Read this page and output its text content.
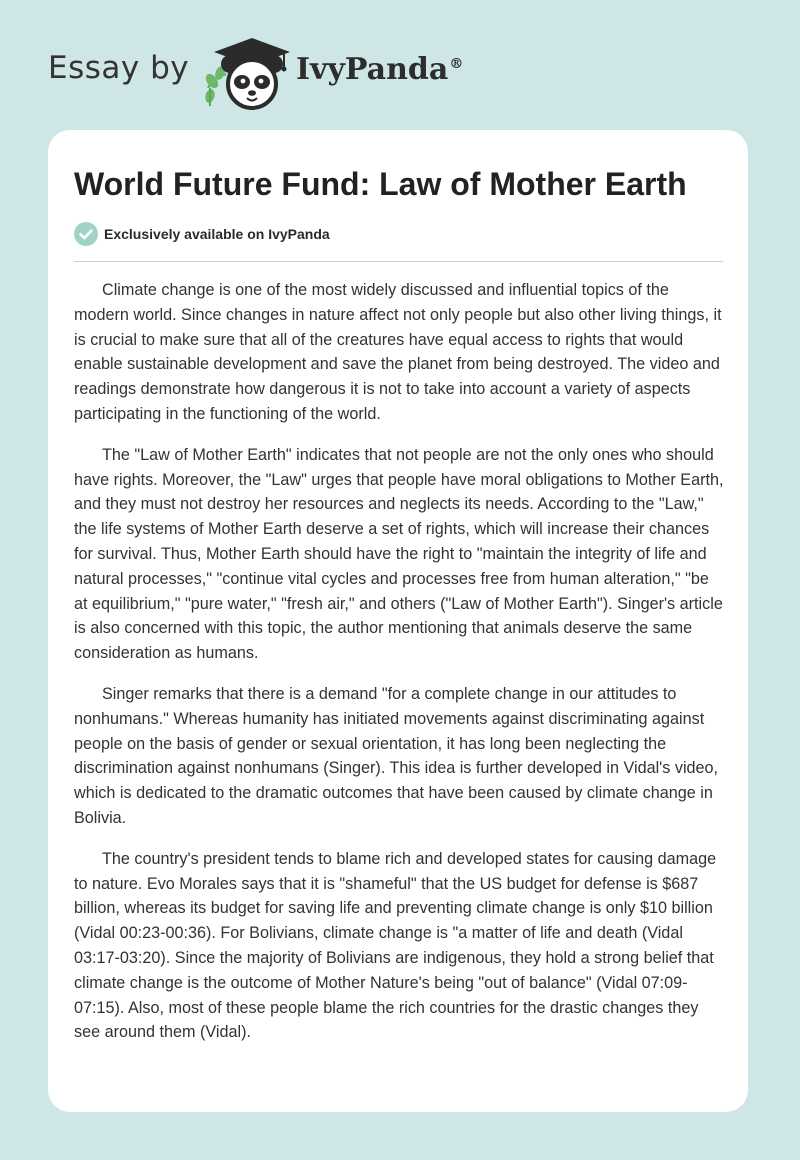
Essay by	IvyPanda®
World Future Fund: Law of Mother Earth
Exclusively available on IvyPanda

Climate change is one of the most widely discussed and influential topics of the modern world. Since changes in nature affect not only people but also other living things, it is crucial to make sure that all of the creatures have equal access to rights that would enable sustainable development and save the planet from being destroyed. The video and readings demonstrate how dangerous it is not to take into account a variety of aspects participating in the functioning of the world.

The "Law of Mother Earth" indicates that not people are not the only ones who should have rights. Moreover, the "Law" urges that people have moral obligations to Mother Earth, and they must not destroy her resources and neglects its needs. According to the "Law," the life systems of Mother Earth deserve a set of rights, which will increase their chances for survival. Thus, Mother Earth should have the right to "maintain the integrity of life and natural processes," "continue vital cycles and processes free from human alteration," "be at equilibrium," "pure water," "fresh air," and others ("Law of Mother Earth"). Singer's article is also concerned with this topic, the author mentioning that animals deserve the same consideration as humans.

Singer remarks that there is a demand "for a complete change in our attitudes to nonhumans." Whereas humanity has initiated movements against discriminating against people on the basis of gender or sexual orientation, it has long been neglecting the discrimination against nonhumans (Singer). This idea is further developed in Vidal's video, which is dedicated to the dramatic outcomes that have been caused by climate change in Bolivia.

The country's president tends to blame rich and developed states for causing damage to nature. Evo Morales says that it is "shameful" that the US budget for defense is $687 billion, whereas its budget for saving life and preventing climate change is only $10 billion (Vidal 00:23-00:36). For Bolivians, climate change is "a matter of life and death (Vidal 03:17-03:20). Since the majority of Bolivians are indigenous, they hold a strong belief that climate change is the outcome of Mother Nature's being "out of balance" (Vidal 07:09-07:15). Also, most of these people blame the rich countries for the drastic changes they see around them (Vidal).
